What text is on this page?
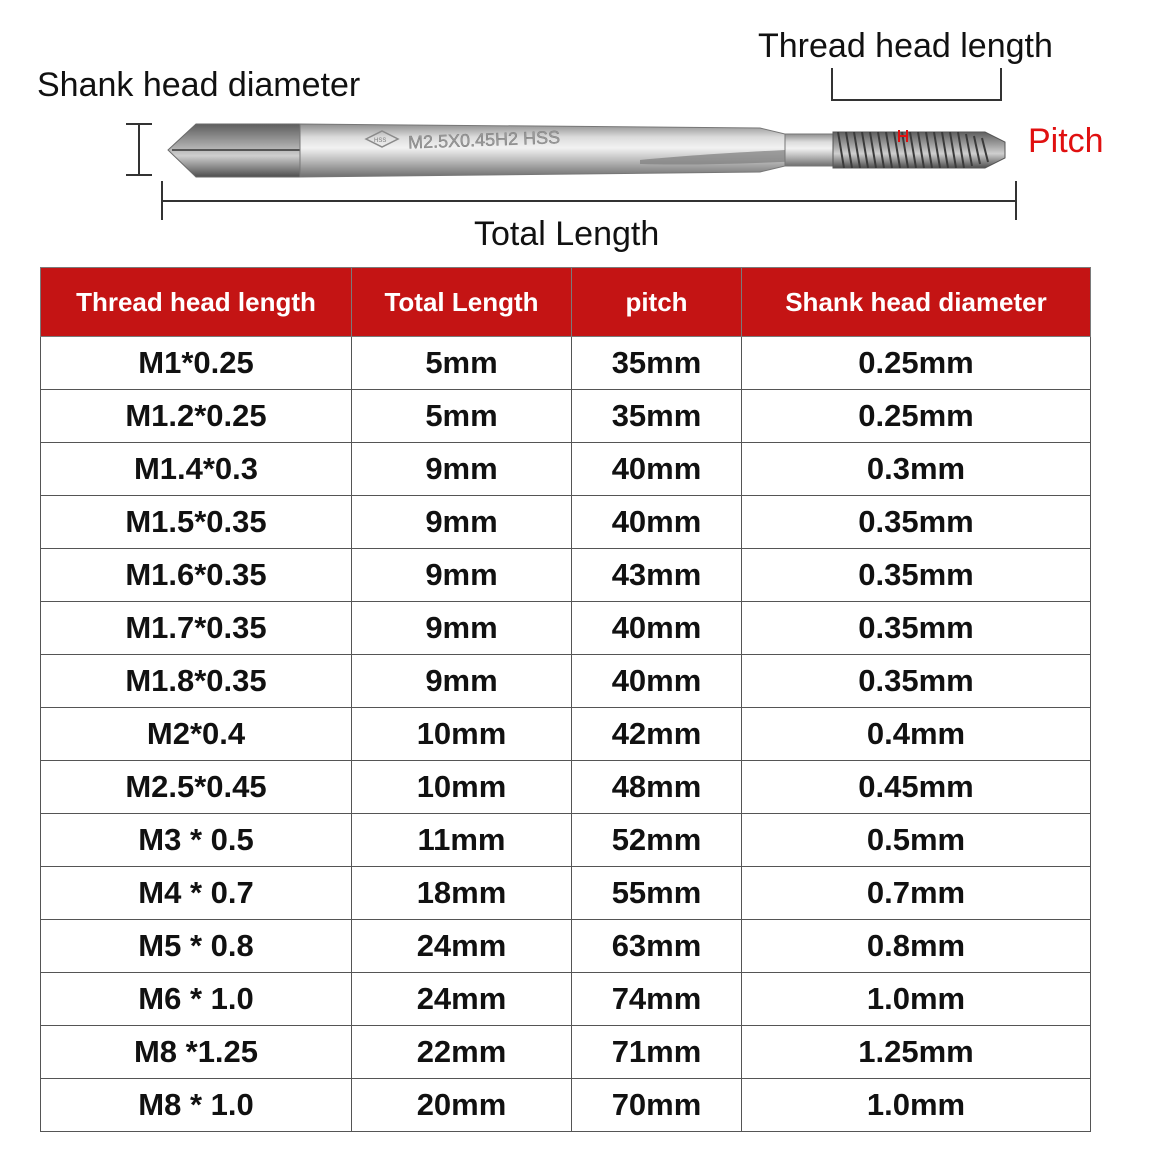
HSS M2.5X0.45H2 HSS
Shank head diameter
Thread head length
Total Length
Pitch
Thread head length	Total Length	pitch	Shank head diameter
M1*0.25	5mm	35mm	0.25mm
M1.2*0.25	5mm	35mm	0.25mm
M1.4*0.3	9mm	40mm	0.3mm
M1.5*0.35	9mm	40mm	0.35mm
M1.6*0.35	9mm	43mm	0.35mm
M1.7*0.35	9mm	40mm	0.35mm
M1.8*0.35	9mm	40mm	0.35mm
M2*0.4	10mm	42mm	0.4mm
M2.5*0.45	10mm	48mm	0.45mm
M3 * 0.5	11mm	52mm	0.5mm
M4 * 0.7	18mm	55mm	0.7mm
M5 * 0.8	24mm	63mm	0.8mm
M6 * 1.0	24mm	74mm	1.0mm
M8 *1.25	22mm	71mm	1.25mm
M8 * 1.0	20mm	70mm	1.0mm
